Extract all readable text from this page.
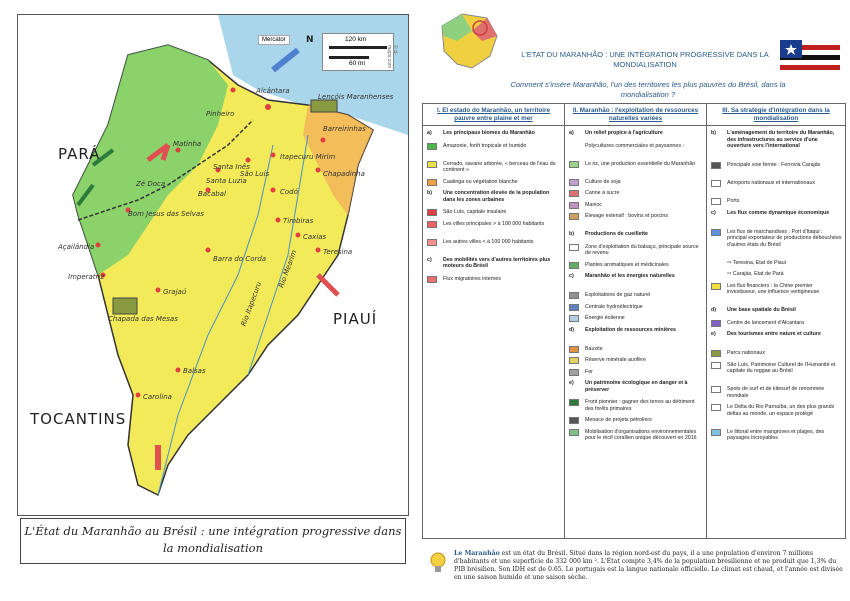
PARÁ
PIAUÍ
TOCANTINS
Pinheiro
Matinha
São Luís
Santa Inês
Bacabal
Zé Doca
Bom Jesus das Selvas
Açailândia
Imperatriz
Grajaú
Barra do Corda
Barreirinhas
Itapecuru Mirim
Chapadinha
Codó
Timbiras
Caxias
Teresina
Balsas
Carolina
Alcântara
Santa Luzia
Lençóis Maranhenses
Chapada das Mesas	Rio Itapecuru
Rio Mearim
Mercator	N	120 km
60 mi
© d-maps.com
L'État du Maranhão au Brésil : une intégration progressive dans la mondialisation
L'ETAT DU MARANHÃO : UNE INTÉGRATION PROGRESSIVE DANS LA MONDIALISATION
Comment s'insère Maranhão, l'un des territoires les plus pauvres du Brésil, dans la mondialisation ?
I. El estado do Maranhão, un territoire pauvre entre plaine et mer
a)	Les principaux biomes du Maranhão
Amazonie, forêt tropicale et humide
Cerrado, savane arborée, « berceau de l'eau du continent »
Caatinga ou végétation blanche
b)	Une concentration élevée de la population dans les zones urbaines
São Luís, capitale insulaire
Les villes principales > à 100 000 habitants
Les autres villes < à 100 000 habitants
c)	Des mobilités vers d'autres territoires plus moteurs du Brésil
Flux migratoires internes
II. Maranhão : l'exploitation de ressources naturelles variées
a)	Un relief propice à l'agriculture
Polycultures commerciales et paysannes :
Le riz, une production essentielle du Maranhão
Culture de soja
Canne à sucre
Manioc
Élevage extensif : bovins et porcins
b)	Productions de cueillette
Zone d'exploitation du babaçu, principale source de revenu
Plantes aromatiques et médicinales
c)	Maranhão et les énergies naturelles
Exploitations de gaz naturel
Centrale hydroélectrique
Énergie éolienne
d)	Exploitation de ressources minières
Bauxite
Réserve minérale aurifère
Fer
e)	Un patrimoine écologique en danger et à préserver
Front pionnier : gagner des terres au détriment des forêts primaires
Menace de projets pétroliers
Mobilisation d'organisations environnementales pour le récif corallien unique découvert en 2016
III. Sa stratégie d'intégration dans la mondialisation
b)	L'aménagement du territoire du Maranhão, des infrastructures au service d'une ouverture vers l'international
Principale voie ferrée : Ferrovia Carajás
Aéroports nationaux et internationaux
Ports
c)	Les flux comme dynamique économique
Les flux de marchandises : Port d'Itaqui : principal exportateur de productions débouchées d'autres états du Brésil
⇨ Teresina, Etat de Piauí
⇨ Carajás, Etat de Pará
Les flux financiers : la Chine premier investisseur, une influence vertigineuse
d)	Une base spatiale du Brésil
Centre de lancement d'Alcantara
e)	Des tourismes entre nature et culture
Parcs nationaux
São Luís, Patrimoine Culturel de l'Humanité et capitale du reggae au Brésil
Spots de surf et de kitesurf de renommée mondiale
Le Delta du Rio Parnaíba, un des plus grands deltas au monde, un espace protégé
Le littoral entre mangroves et plages, des paysages incroyables
Le Maranhão est un état du Brésil. Situé dans la région nord-est du pays, il a une population d'environ 7 millions d'habitants et une superficie de 332 000 km ². L'État compte 3,4% de la population brésilienne et ne produit que 1,3% du PIB brésilien. Son IDH est de 0.65. Le portugais est la langue nationale officielle. Le climat est chaud, et l'année est divisée en une saison humide et une saison sèche.
